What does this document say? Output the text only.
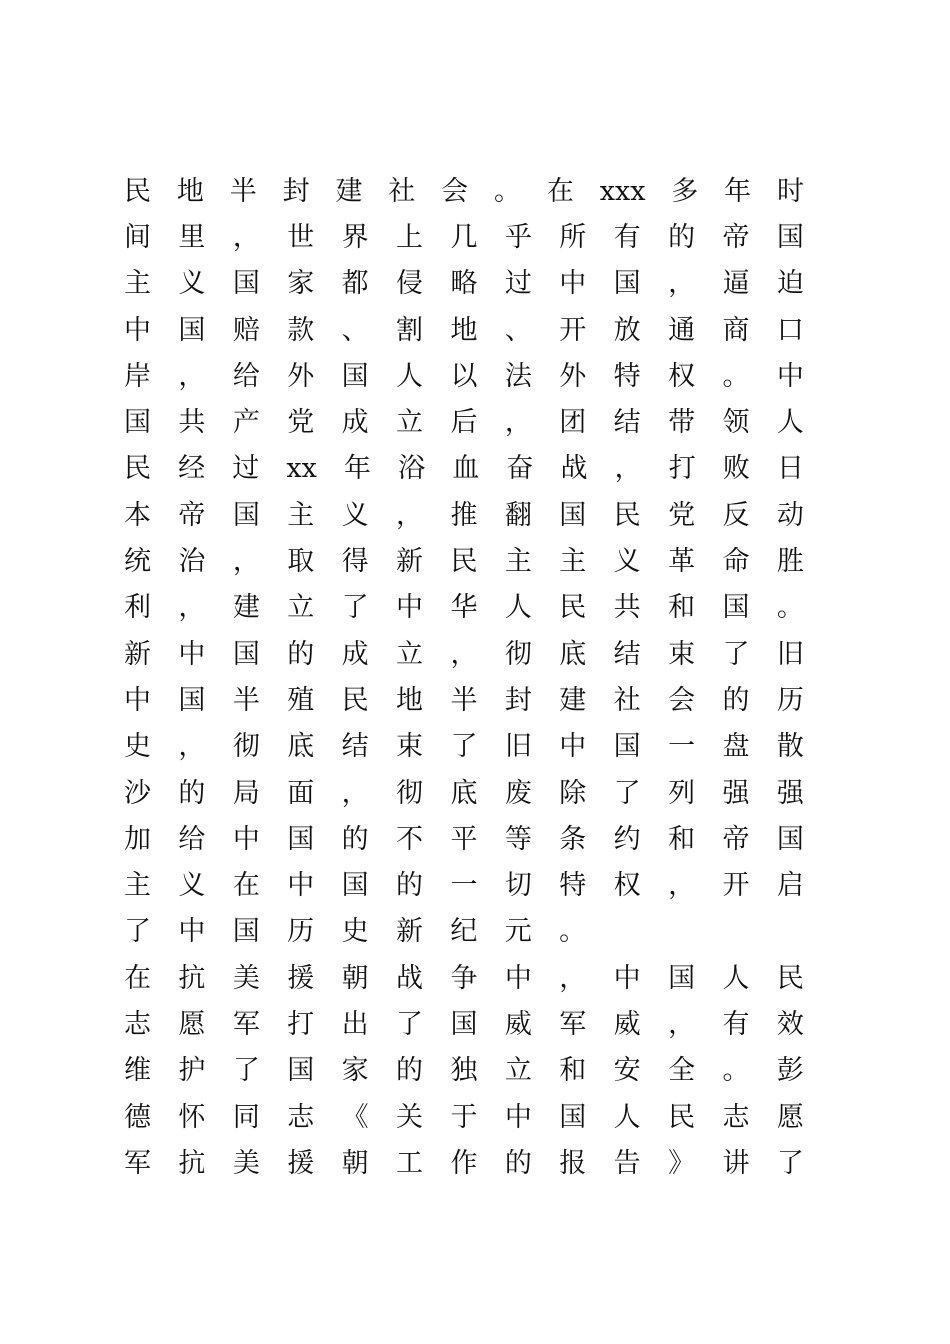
民 地 半 封 建 社 会 。 在 xxx 多 年 时
间 里 ， 世 界 上 几 乎 所 有 的 帝 国
主 义 国 家 都 侵 略 过 中 国 ， 逼 迫
中 国 赔 款 、 割 地 、 开 放 通 商 口
岸 ， 给 外 国 人 以 法 外 特 权 。 中
国 共 产 党 成 立 后 ， 团 结 带 领 人
民 经 过 xx 年 浴 血 奋 战 ， 打 败 日
本 帝 国 主 义 ， 推 翻 国 民 党 反 动
统 治 ， 取 得 新 民 主 主 义 革 命 胜
利 ， 建 立 了 中 华 人 民 共 和 国 。
新 中 国 的 成 立 ， 彻 底 结 束 了 旧
中 国 半 殖 民 地 半 封 建 社 会 的 历
史 ， 彻 底 结 束 了 旧 中 国 一 盘 散
沙 的 局 面 ， 彻 底 废 除 了 列 强 强
加 给 中 国 的 不 平 等 条 约 和 帝 国
主 义 在 中 国 的 一 切 特 权 ， 开 启
了 中 国 历 史 新 纪 元 。
在 抗 美 援 朝 战 争 中 ， 中 国 人 民
志 愿 军 打 出 了 国 威 军 威 ， 有 效
维 护 了 国 家 的 独 立 和 安 全 。 彭
德 怀 同 志 《 关 于 中 国 人 民 志 愿
军 抗 美 援 朝 工 作 的 报 告 》 讲 了
